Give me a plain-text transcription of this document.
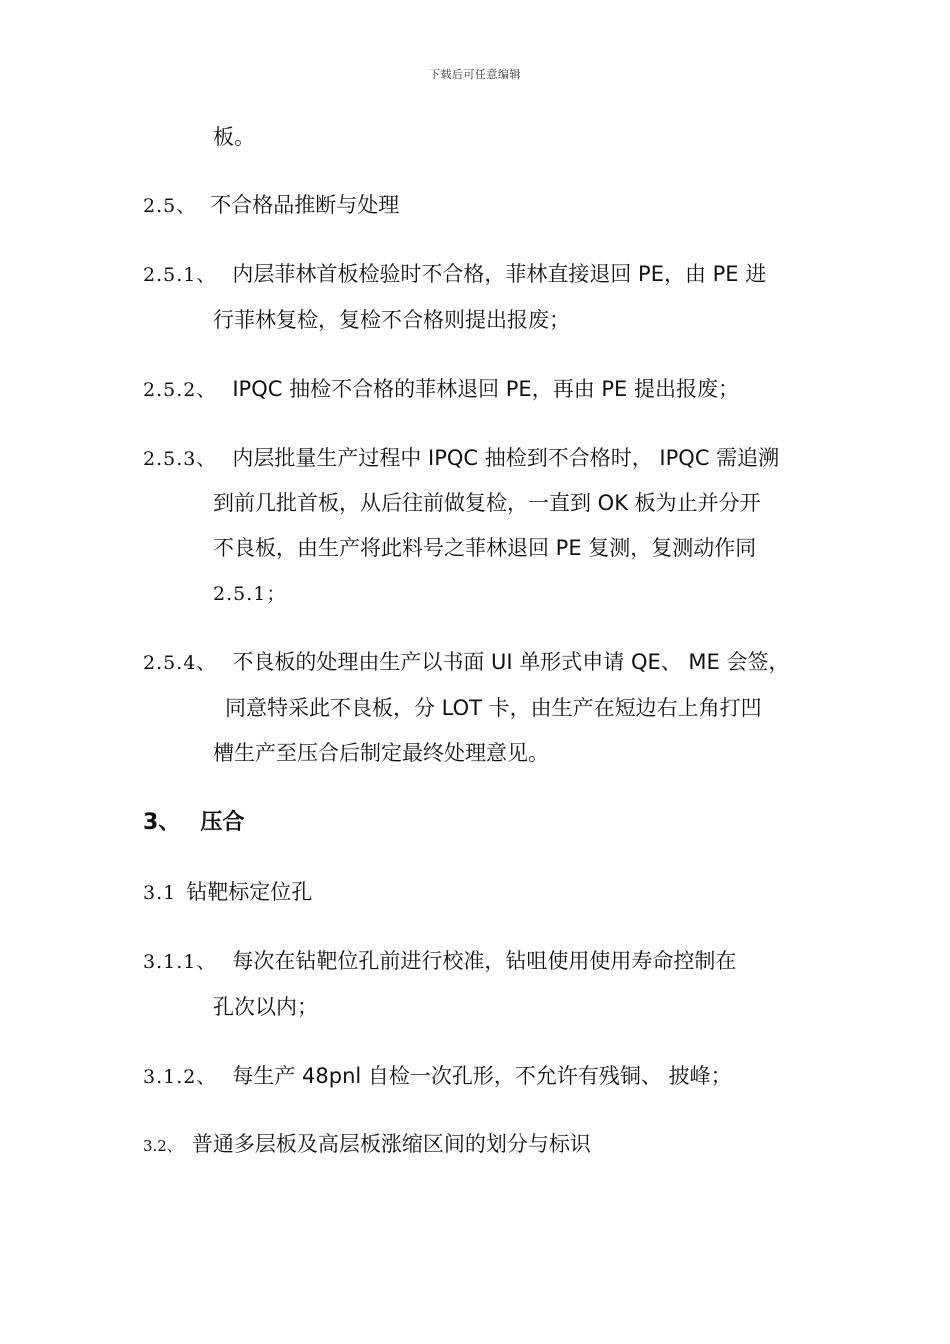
下载后可任意编辑
板。
2.5、 不合格品推断与处理
2.5.1、 内层菲林首板检验时不合格，菲林直接退回 PE，由 PE 进
行菲林复检，复检不合格则提出报废；
2.5.2、 IPQC 抽检不合格的菲林退回 PE，再由 PE 提出报废；
2.5.3、 内层批量生产过程中 IPQC 抽检到不合格时， IPQC 需追溯
到前几批首板，从后往前做复检，一直到 OK 板为止并分开
不良板，由生产将此料号之菲林退回 PE 复测，复测动作同
2.5.1；
2.5.4、 不良板的处理由生产以书面 UI 单形式申请 QE、 ME 会签，
同意特采此不良板，分 LOT 卡，由生产在短边右上角打凹
槽生产至压合后制定最终处理意见。
3、 压合
3.1 钻靶标定位孔
3.1.1、 每次在钻靶位孔前进行校准，钻咀使用使用寿命控制在
孔次以内；
3.1.2、 每生产 48pnl 自检一次孔形，不允许有残铜、 披峰；
3.2、 普通多层板及高层板涨缩区间的划分与标识
